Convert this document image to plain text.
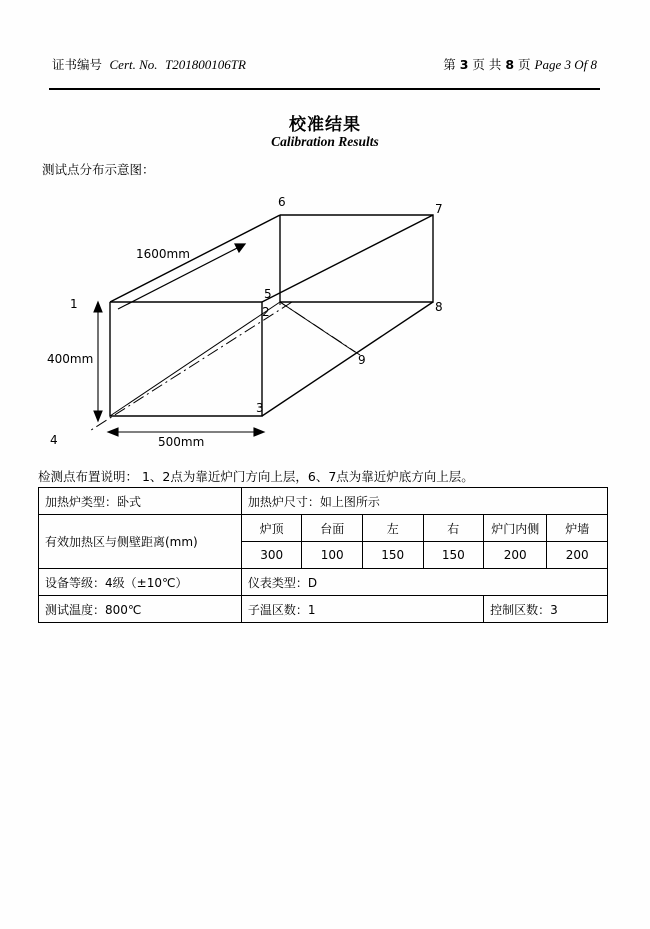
证书编号 Cert. No. T201800106TR	第 3 页 共 8 页 Page 3 Of 8
校准结果
Calibration Results
测试点分布示意图：
1
2
3
4
5
6	7
8
9
1600mm
400mm
500mm
检测点布置说明： 1、2点为靠近炉门方向上层，6、7点为靠近炉底方向上层。
加热炉类型：卧式	加热炉尺寸：如上图所示					
有效加热区与侧壁距离(mm)	炉顶	台面	左	右	炉门内侧	炉墙
	300	100	150	150	200	200
设备等级：4级（±10℃）	仪表类型：D					
测试温度：800℃	子温区数：1				控制区数：3	
